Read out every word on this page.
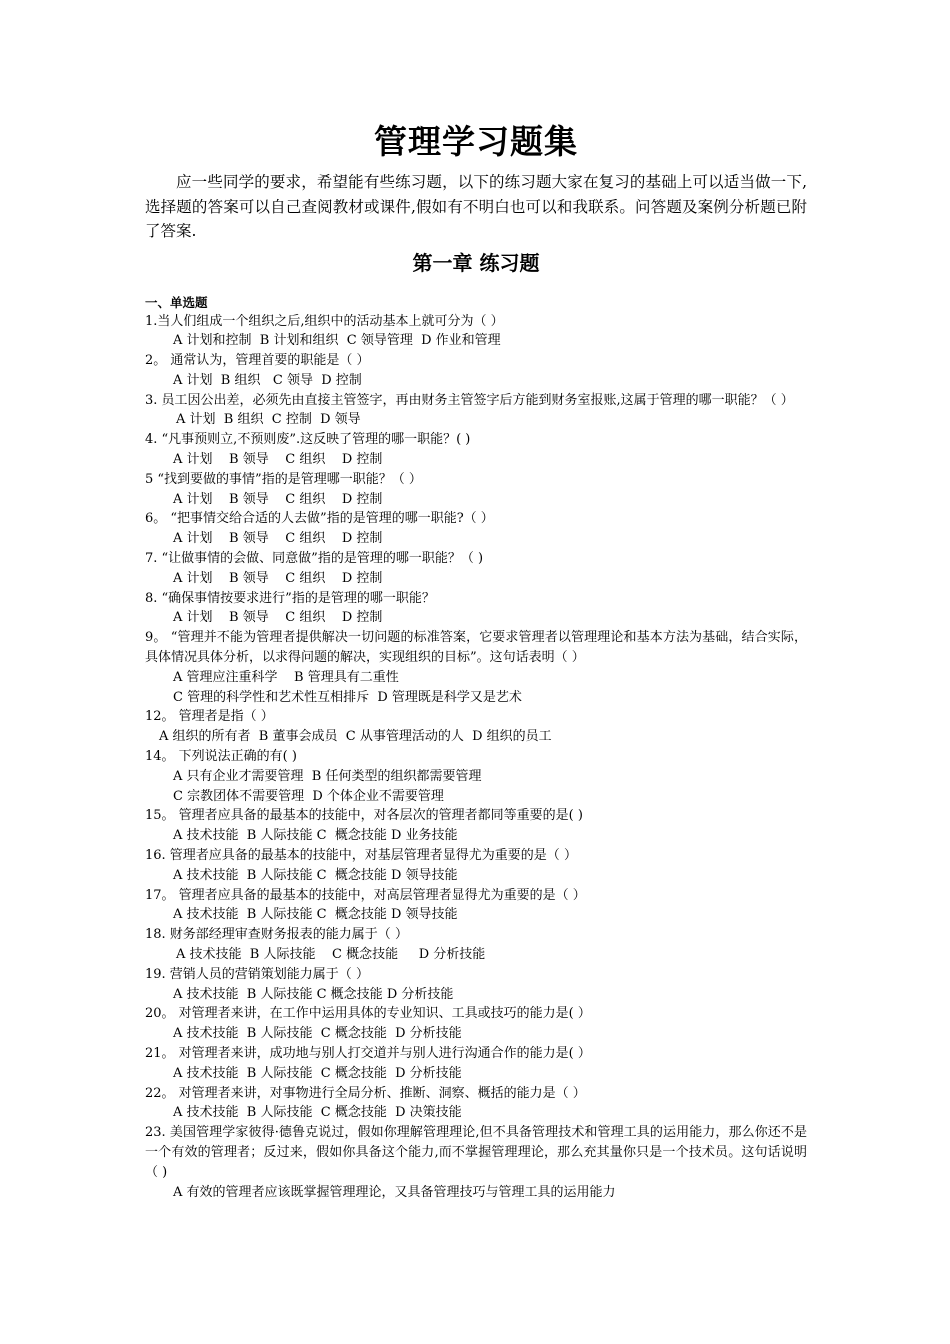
管理学习题集

应一些同学的要求，希望能有些练习题，以下的练习题大家在复习的基础上可以适当做一下,选择题的答案可以自己查阅教材或课件,假如有不明白也可以和我联系。问答题及案例分析题已附了答案.

第一章 练习题
一、单选题

1.当人们组成一个组织之后,组织中的活动基本上就可分为（ ）

A 计划和控制  B 计划和组织  C 领导管理  D 作业和管理

2。 通常认为，管理首要的职能是（ ）

A 计划  B 组织   C 领导  D 控制

3. 员工因公出差，必须先由直接主管签字，再由财务主管签字后方能到财务室报账,这属于管理的哪一职能？（ ）

A 计划  B 组织  C 控制  D 领导

4. “凡事预则立,不预则废”.这反映了管理的哪一职能？( )

A 计划    B 领导    C 组织    D 控制

5 “找到要做的事情”指的是管理哪一职能？（ ）

A 计划    B 领导    C 组织    D 控制

6。 “把事情交给合适的人去做”指的是管理的哪一职能?（ ）

A 计划    B 领导    C 组织    D 控制

7. “让做事情的会做、同意做”指的是管理的哪一职能？（ )

A 计划    B 领导    C 组织    D 控制

8. “确保事情按要求进行”指的是管理的哪一职能？

A 计划    B 领导    C 组织    D 控制

9。 “管理并不能为管理者提供解决一切问题的标准答案，它要求管理者以管理理论和基本方法为基础，结合实际，具体情况具体分析，以求得问题的解决，实现组织的目标”。这句话表明（ ）

A 管理应注重科学    B 管理具有二重性

C 管理的科学性和艺术性互相排斥  D 管理既是科学又是艺术

12。 管理者是指（ ）

A 组织的所有者  B 董事会成员  C 从事管理活动的人  D 组织的员工

14。 下列说法正确的有( )

A 只有企业才需要管理  B 任何类型的组织都需要管理

C 宗教团体不需要管理  D 个体企业不需要管理

15。 管理者应具备的最基本的技能中，对各层次的管理者都同等重要的是( )

A 技术技能  B 人际技能 C  概念技能 D 业务技能

16. 管理者应具备的最基本的技能中，对基层管理者显得尤为重要的是（ ）

A 技术技能  B 人际技能 C  概念技能 D 领导技能

17。 管理者应具备的最基本的技能中，对高层管理者显得尤为重要的是（ ）

A 技术技能  B 人际技能 C  概念技能 D 领导技能

18. 财务部经理审查财务报表的能力属于（ ）

A 技术技能  B 人际技能    C 概念技能     D 分析技能

19. 营销人员的营销策划能力属于（ ）

A 技术技能  B 人际技能 C 概念技能 D 分析技能

20。 对管理者来讲，在工作中运用具体的专业知识、工具或技巧的能力是( ）

A 技术技能  B 人际技能  C 概念技能  D 分析技能

21。 对管理者来讲，成功地与别人打交道并与别人进行沟通合作的能力是( ）

A 技术技能  B 人际技能  C 概念技能  D 分析技能

22。 对管理者来讲，对事物进行全局分析、推断、洞察、概括的能力是（ ）

A 技术技能  B 人际技能  C 概念技能  D 决策技能

23. 美国管理学家彼得·德鲁克说过，假如你理解管理理论,但不具备管理技术和管理工具的运用能力，那么你还不是一个有效的管理者；反过来，假如你具备这个能力,而不掌握管理理论，那么充其量你只是一个技术员。这句话说明（ )

A 有效的管理者应该既掌握管理理论，又具备管理技巧与管理工具的运用能力
